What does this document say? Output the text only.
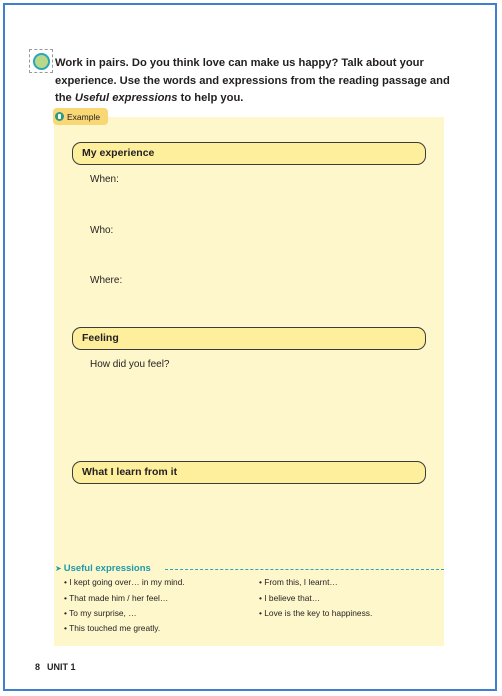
Work in pairs. Do you think love can make us happy? Talk about your experience. Use the words and expressions from the reading passage and the Useful expressions to help you.
Example
My experience
When:
Who:
Where:
Feeling
How did you feel?
What I learn from it
➤ Useful expressions
• I kept going over… in my mind.
• That made him / her feel…
• To my surprise, …
• This touched me greatly.
• From this, I learnt…
• I believe that…
• Love is the key to happiness.
8 UNIT 1
